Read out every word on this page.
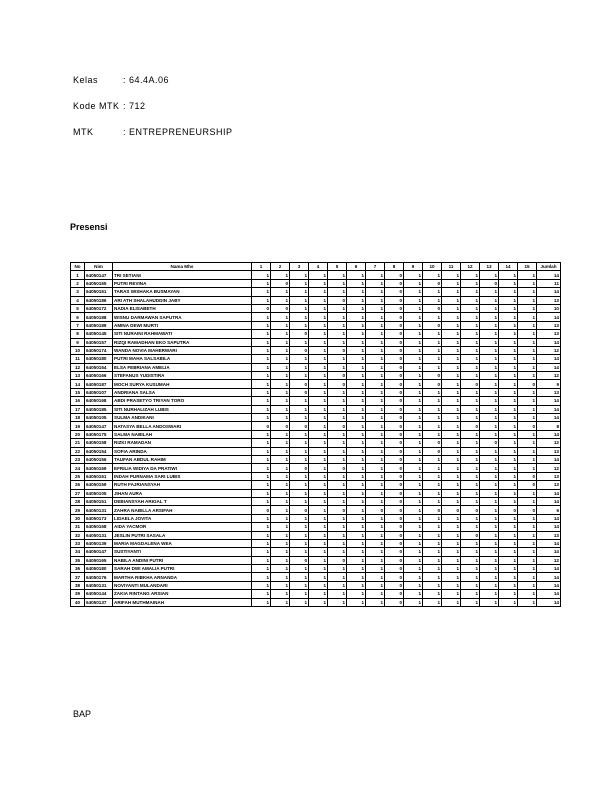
Kelas	: 64.4A.06
Kode MTK : 712
MTK	: ENTREPRENEURSHIP
Presensi
No	Nim	Nama Mhs	1	2	3	4	5	6	7	8	9	10	11	12	13	14	15	Jumlah
1	64050147	TRI SETIANI	1	1	1	1	1	1	1	0	1	1	1	1	1	1	1	14
2	64050165	PUTRI REVINA	1	0	1	1	1	1	1	0	1	0	1	1	0	1	1	11
3	64050161	TARAS WISHAKA BUSMAYAN	1	1	1	1	1	1	1	0	1	1	1	1	1	1	1	14
4	64050186	ARI ATH SHALAHUDDIN JABY	1	1	1	1	0	1	1	0	1	1	1	1	1	1	1	13
5	64050172	NADIA ELISABETH	0	0	1	1	1	1	1	0	1	0	1	1	1	1	1	10
6	64050188	WISNU DARMAWAN SAPUTRA	1	1	1	1	1	1	1	0	1	1	1	1	1	1	1	14
7	64050189	AMINA DEWI MURTI	1	1	1	1	1	1	1	0	1	0	1	1	1	1	1	13
8	64050145	SITI NURAINI RAHMAWATI	1	1	0	1	1	1	1	0	1	1	1	1	1	1	1	13
9	64050157	RIZQI RAMADHAN EKO SAPUTRA	1	1	1	1	1	1	1	0	1	1	1	1	1	1	1	14
10	64050174	WANDA NOVIA MAHERWARI	1	1	0	1	0	1	1	0	1	1	1	1	1	1	1	12
11	64050180	PUTRI MAHA SALSABILA	1	1	1	1	1	1	1	0	1	1	1	1	1	1	1	14
12	64050154	ELSA FEBRIANA AMELIA	1	1	1	1	1	1	1	0	1	1	1	1	1	1	1	14
13	64050166	STEFANUS YUDISTIRA	1	1	1	1	0	1	1	0	1	0	1	1	1	1	1	12
14	64050187	MOCH SURYA KUSUMAH	1	1	0	1	0	1	1	0	1	0	1	0	1	1	0	9
15	64050107	ANDRIANA SALSA	1	1	0	1	1	1	1	0	1	1	1	1	1	1	1	13
16	64050168	ABDI PRASETYO TRIYAN TORO	1	1	1	1	1	1	1	0	1	1	1	1	1	1	1	14
17	64050185	SITI NURHALIZAH LUBIS	1	1	1	1	1	1	1	0	1	1	1	1	1	1	1	14
18	64050105	SULMA ANDIKANI	1	1	1	1	1	1	1	0	1	1	1	1	1	1	1	14
19	64050147	NATASYA BELLA ANDOSWARI	0	0	0	1	0	1	1	0	1	1	1	0	1	1	0	8
20	64050175	SALMA NABILAH	1	1	1	1	1	1	1	0	1	1	1	1	1	1	1	14
21	64050158	RIZKI RAMADAN	1	1	1	1	1	1	1	0	1	0	1	1	0	1	1	12
22	64050154	SOFIA ARINDA	1	1	1	1	1	1	1	0	1	0	1	1	1	1	1	13
23	64050156	TAUFAN ABDUL RAHIM	1	1	1	1	1	1	1	0	1	1	1	1	1	1	1	14
24	64050169	EFRILIA WIDIYA DA PRATIWI	1	1	0	1	0	1	1	0	1	1	1	1	1	1	1	12
25	64050161	INDAH PURNAMA SARI LUBIS	1	1	1	1	1	1	1	0	1	1	1	1	1	1	0	13
26	64050159	RUTH FAJRIANSYAH	1	1	1	1	1	1	1	0	1	1	1	1	1	1	0	13
27	64050105	JIHAN AURA	1	1	1	1	1	1	1	0	1	1	1	1	1	1	1	14
28	64050151	DEBIANSYAH ARIGAL T	1	1	1	1	1	1	1	0	1	1	1	1	1	1	1	14
29	64050131	ZAHRA NABILLA ARSIFAH	0	1	0	1	0	1	0	0	1	0	0	0	1	0	0	6
30	64050173	LIDAELA JOVITA	1	1	1	1	1	1	1	0	1	1	1	1	1	1	1	14
31	64050168	AIDA YACMOR	1	1	1	1	1	1	1	0	1	1	1	1	1	1	1	14
32	64050131	JESLIN PUTRI SASALA	1	1	1	1	1	1	1	0	1	1	1	0	1	1	1	13
33	64050139	MARIA MAGDALENA WEA	1	1	1	1	1	1	1	0	1	1	1	1	1	1	1	14
34	64050147	SUSTIYANTI	1	1	1	1	1	1	1	0	1	1	1	1	1	1	1	14
35	64050165	NABILA ANDINI PUTRI	1	1	0	1	0	1	1	0	1	1	1	1	1	1	1	12
36	64050180	SARAH DWI AMALIA PUTRI	1	1	1	1	1	1	1	0	1	1	1	1	1	1	1	14
37	64050176	MARTHA RIBKHA ARNANDA	1	1	1	1	1	1	1	0	1	1	1	1	1	1	1	14
38	64050131	NOVIYANTI MULANDARI	1	1	1	1	1	1	1	0	1	1	1	1	1	1	1	14
39	64050144	ZAKIA RINTANG ARSIAN	1	1	1	1	1	1	1	0	1	1	1	1	1	1	1	14
40	64050137	ARIFAH MUTHMAINAH	1	1	1	1	1	1	1	0	1	1	1	1	1	1	1	14
BAP
